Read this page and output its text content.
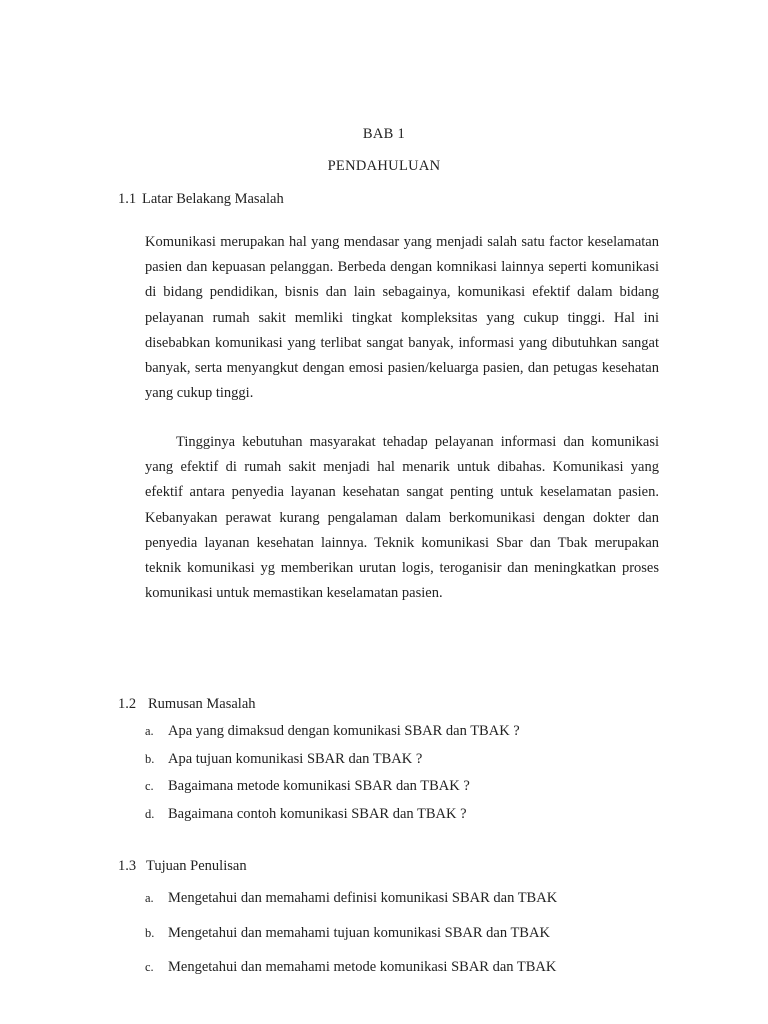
BAB 1
PENDAHULUAN
1.1 Latar Belakang Masalah

Komunikasi merupakan hal yang mendasar yang menjadi salah satu factor keselamatan pasien dan kepuasan pelanggan. Berbeda dengan komnikasi lainnya seperti komunikasi di bidang pendidikan, bisnis dan lain sebagainya, komunikasi efektif dalam bidang pelayanan rumah sakit memliki tingkat kompleksitas yang cukup tinggi. Hal ini disebabkan komunikasi yang terlibat sangat banyak, informasi yang dibutuhkan sangat banyak, serta menyangkut dengan emosi pasien/keluarga pasien, dan petugas kesehatan yang cukup tinggi.

Tingginya kebutuhan masyarakat tehadap pelayanan informasi dan komunikasi yang efektif di rumah sakit menjadi hal menarik untuk dibahas. Komunikasi yang efektif antara penyedia layanan kesehatan sangat penting untuk keselamatan pasien. Kebanyakan perawat kurang pengalaman dalam berkomunikasi dengan dokter dan penyedia layanan kesehatan lainnya. Teknik komunikasi Sbar dan Tbak merupakan teknik komunikasi yg memberikan urutan logis, teroganisir dan meningkatkan proses komunikasi untuk memastikan keselamatan pasien.

1.2 Rumusan Masalah
a. Apa yang dimaksud dengan komunikasi SBAR dan TBAK ?
b. Apa tujuan komunikasi SBAR dan TBAK ?
c. Bagaimana metode komunikasi SBAR dan TBAK ?
d. Bagaimana contoh komunikasi SBAR dan TBAK ?
1.3 Tujuan Penulisan
a. Mengetahui dan memahami definisi komunikasi SBAR dan TBAK
b. Mengetahui dan memahami tujuan komunikasi SBAR dan TBAK
c. Mengetahui dan memahami metode komunikasi SBAR dan TBAK
